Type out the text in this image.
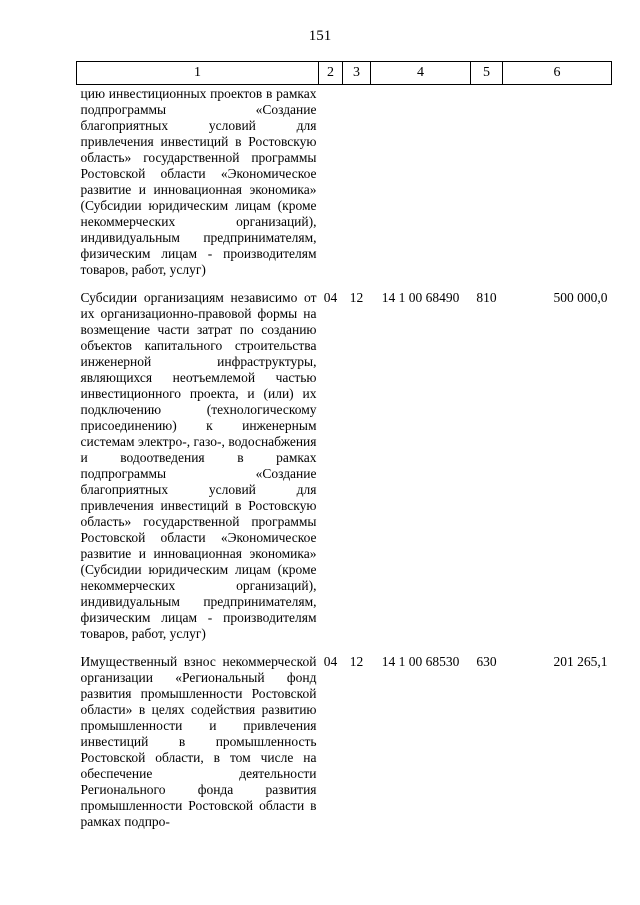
151
1	2	3	4	5	6
цию инвестиционных проектов в рамках подпрограммы «Создание благоприятных условий для привлечения инвестиций в Ростовскую область» государственной программы Ростовской области «Экономическое развитие и инновационная экономика» (Субсидии юридическим лицам (кроме некоммерческих организаций), индивидуальным предпринимателям, физическим лицам - производителям товаров, работ, услуг)					
Субсидии организациям независимо от их организационно-правовой формы на возмещение части затрат по созданию объектов капитального строительства инженерной инфраструктуры, являющихся неотъемлемой частью инвестиционного проекта, и (или) их подключению (технологическому присоединению) к инженерным системам электро-, газо-, водоснабжения и водоотведения в рамках подпрограммы «Создание благоприятных условий для привлечения инвестиций в Ростовскую область» государственной программы Ростовской области «Экономическое развитие и инновационная экономика» (Субсидии юридическим лицам (кроме некоммерческих организаций), индивидуальным предпринимателям, физическим лицам - производителям товаров, работ, услуг)	04	12	14 1 00 68490	810	500 000,0
Имущественный взнос некоммерческой организации «Региональный фонд развития промышленности Ростовской области» в целях содействия развитию промышленности и привлечения инвестиций в промышленность Ростовской области, в том числе на обеспечение деятельности Регионального фонда развития промышленности Ростовской области в рамках подпро-	04	12	14 1 00 68530	630	201 265,1
